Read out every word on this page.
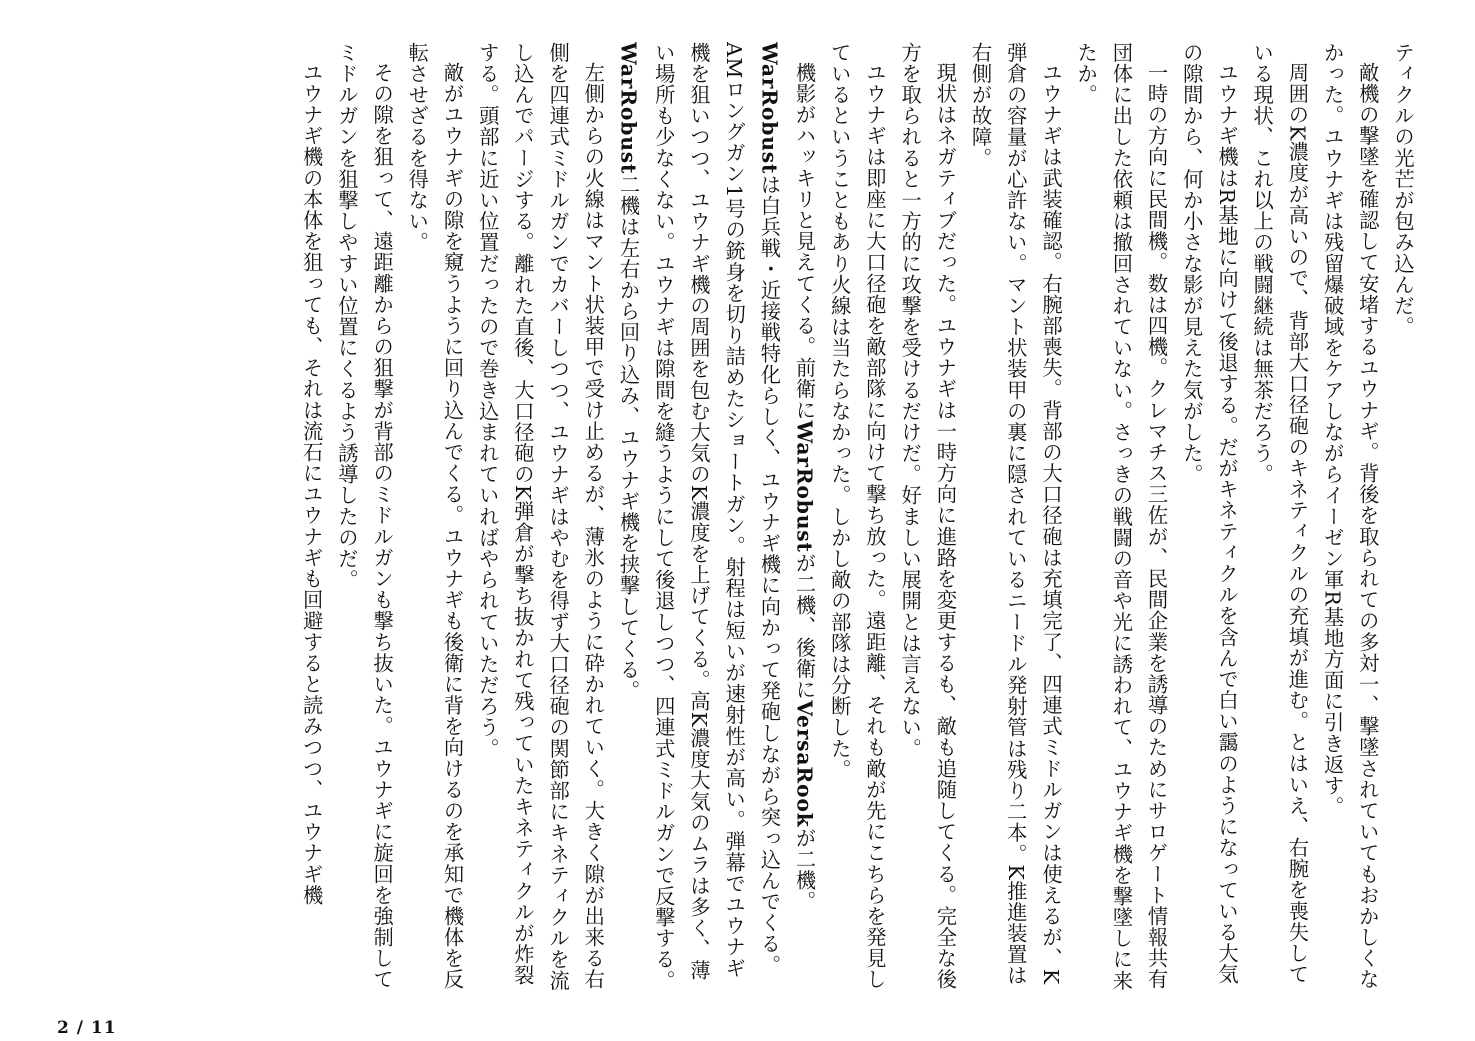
ティクルの光芒が包み込んだ。

敵機の撃墜を確認して安堵するユウナギ。背後を取られての多対一、撃墜されていてもおかしくなかった。ユウナギは残留爆破域をケアしながらイーゼン軍R基地方面に引き返す。

周囲のK濃度が高いので、背部大口径砲のキネティクルの充填が進む。とはいえ、右腕を喪失している現状、これ以上の戦闘継続は無茶だろう。

ユウナギ機はR基地に向けて後退する。だがキネティクルを含んで白い靄のようになっている大気の隙間から、何か小さな影が見えた気がした。

一時の方向に民間機。数は四機。クレマチス三佐が、民間企業を誘導のためにサロゲート情報共有団体に出した依頼は撤回されていない。さっきの戦闘の音や光に誘われて、ユウナギ機を撃墜しに来たか。

ユウナギは武装確認。右腕部喪失。背部の大口径砲は充填完了、四連式ミドルガンは使えるが、K弾倉の容量が心許ない。マント状装甲の裏に隠されているニードル発射管は残り二本。K推進装置は右側が故障。

現状はネガティブだった。ユウナギは一時方向に進路を変更するも、敵も追随してくる。完全な後方を取られると一方的に攻撃を受けるだけだ。好ましい展開とは言えない。

ユウナギは即座に大口径砲を敵部隊に向けて撃ち放った。遠距離、それも敵が先にこちらを発見しているということもあり火線は当たらなかった。しかし敵の部隊は分断した。

機影がハッキリと見えてくる。前衛にWarRobustが二機、後衛にVersaRookが二機。

WarRobustは白兵戦・近接戦特化らしく、ユウナギ機に向かって発砲しながら突っ込んでくる。AMロングガン1号の銃身を切り詰めたショートガン。射程は短いが速射性が高い。弾幕でユウナギ機を狙いつつ、ユウナギ機の周囲を包む大気のK濃度を上げてくる。高K濃度大気のムラは多く、薄い場所も少なくない。ユウナギは隙間を縫うようにして後退しつつ、四連式ミドルガンで反撃する。

WarRobust二機は左右から回り込み、ユウナギ機を挟撃してくる。

左側からの火線はマント状装甲で受け止めるが、薄氷のように砕かれていく。大きく隙が出来る右側を四連式ミドルガンでカバーしつつ、ユウナギはやむを得ず大口径砲の関節部にキネティクルを流し込んでパージする。離れた直後、大口径砲のK弾倉が撃ち抜かれて残っていたキネティクルが炸裂する。頭部に近い位置だったので巻き込まれていればやられていただろう。

敵がユウナギの隙を窺うように回り込んでくる。ユウナギも後衛に背を向けるのを承知で機体を反転させざるを得ない。

その隙を狙って、遠距離からの狙撃が背部のミドルガンも撃ち抜いた。ユウナギに旋回を強制してミドルガンを狙撃しやすい位置にくるよう誘導したのだ。

ユウナギ機の本体を狙っても、それは流石にユウナギも回避すると読みつつ、ユウナギ機

2 / 11
